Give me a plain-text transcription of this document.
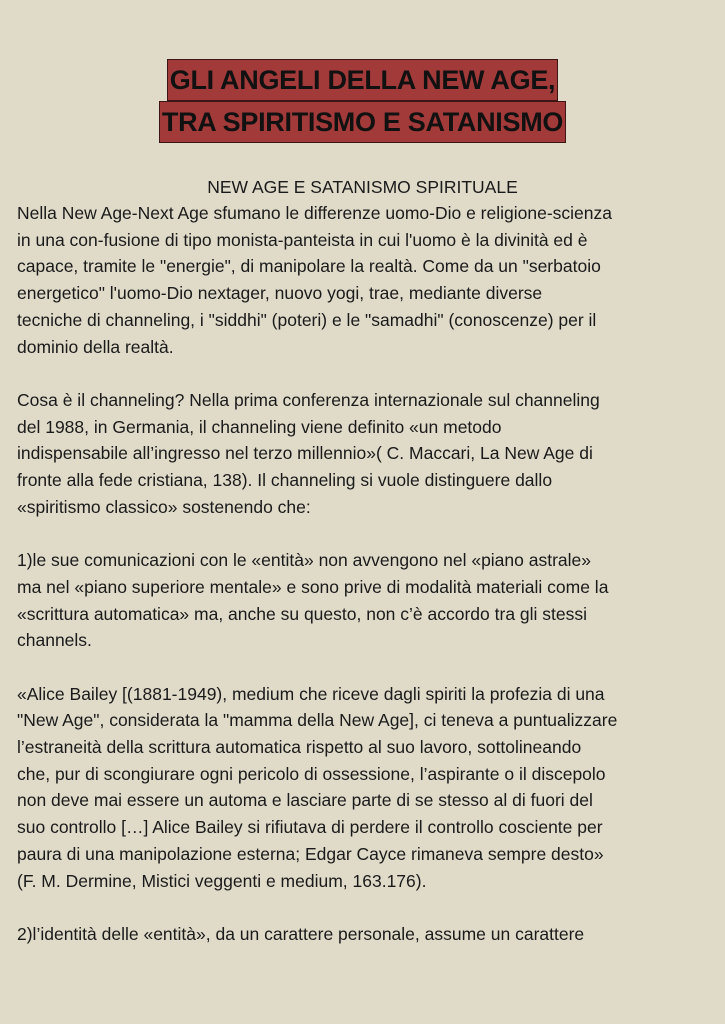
GLI ANGELI DELLA NEW AGE,
TRA SPIRITISMO E SATANISMO
NEW AGE E SATANISMO SPIRITUALE

Nella New Age-Next Age sfumano le differenze uomo-Dio e religione-scienza
in una con-fusione di tipo monista-panteista in cui l'uomo è la divinità ed è
capace, tramite le "energie", di manipolare la realtà. Come da un "serbatoio
energetico" l'uomo-Dio nextager, nuovo yogi, trae, mediante diverse
tecniche di channeling, i "siddhi" (poteri) e le "samadhi" (conoscenze) per il
dominio della realtà.

Cosa è il channeling? Nella prima conferenza internazionale sul channeling
del 1988, in Germania, il channeling viene definito «un metodo
indispensabile all’ingresso nel terzo millennio»( C. Maccari, La New Age di
fronte alla fede cristiana, 138). Il channeling si vuole distinguere dallo
«spiritismo classico» sostenendo che:

1)le sue comunicazioni con le «entità» non avvengono nel «piano astrale»
ma nel «piano superiore mentale» e sono prive di modalità materiali come la
«scrittura automatica» ma, anche su questo, non c’è accordo tra gli stessi
channels.

«Alice Bailey [(1881-1949), medium che riceve dagli spiriti la profezia di una
"New Age", considerata la "mamma della New Age], ci teneva a puntualizzare
l’estraneità della scrittura automatica rispetto al suo lavoro, sottolineando
che, pur di scongiurare ogni pericolo di ossessione, l’aspirante o il discepolo
non deve mai essere un automa e lasciare parte di se stesso al di fuori del
suo controllo […] Alice Bailey si rifiutava di perdere il controllo cosciente per
paura di una manipolazione esterna; Edgar Cayce rimaneva sempre desto»
(F. M. Dermine, Mistici veggenti e medium, 163.176).

2)l’identità delle «entità», da un carattere personale, assume un carattere
